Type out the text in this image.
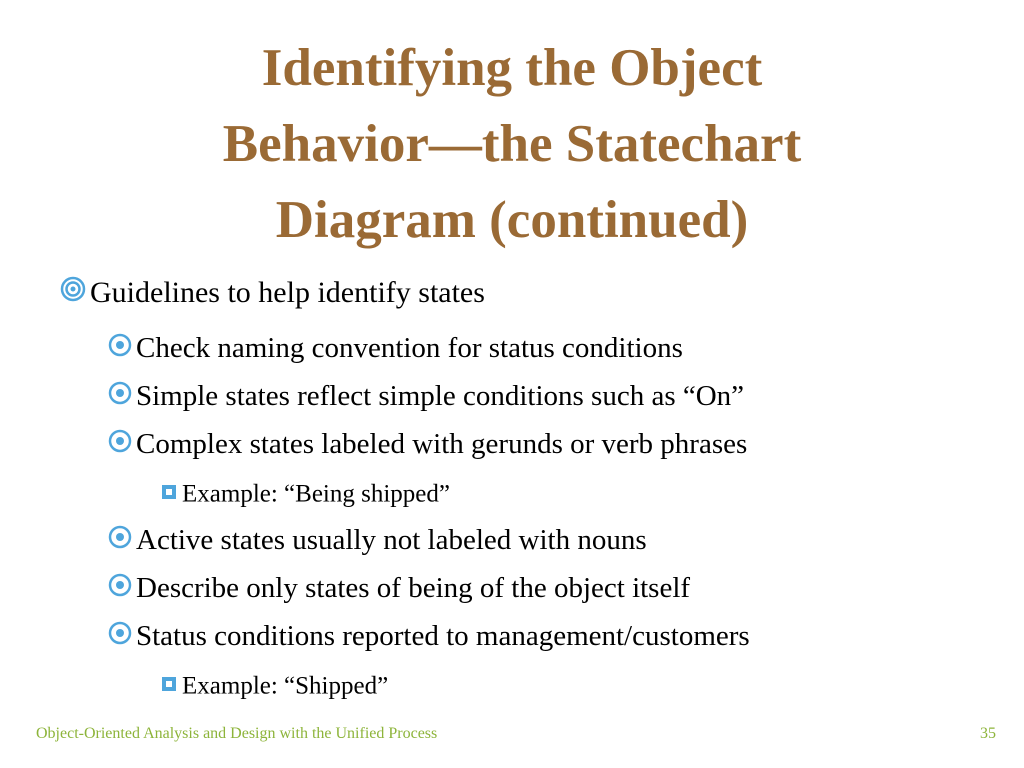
Identifying the Object
Behavior—the Statechart
Diagram (continued)
Guidelines to help identify states
Check naming convention for status conditions
Simple states reflect simple conditions such as “On”
Complex states labeled with gerunds or verb phrases
Example: “Being shipped”
Active states usually not labeled with nouns
Describe only states of being of the object itself
Status conditions reported to management/customers
Example: “Shipped”
Object-Oriented Analysis and Design with the Unified Process	35
